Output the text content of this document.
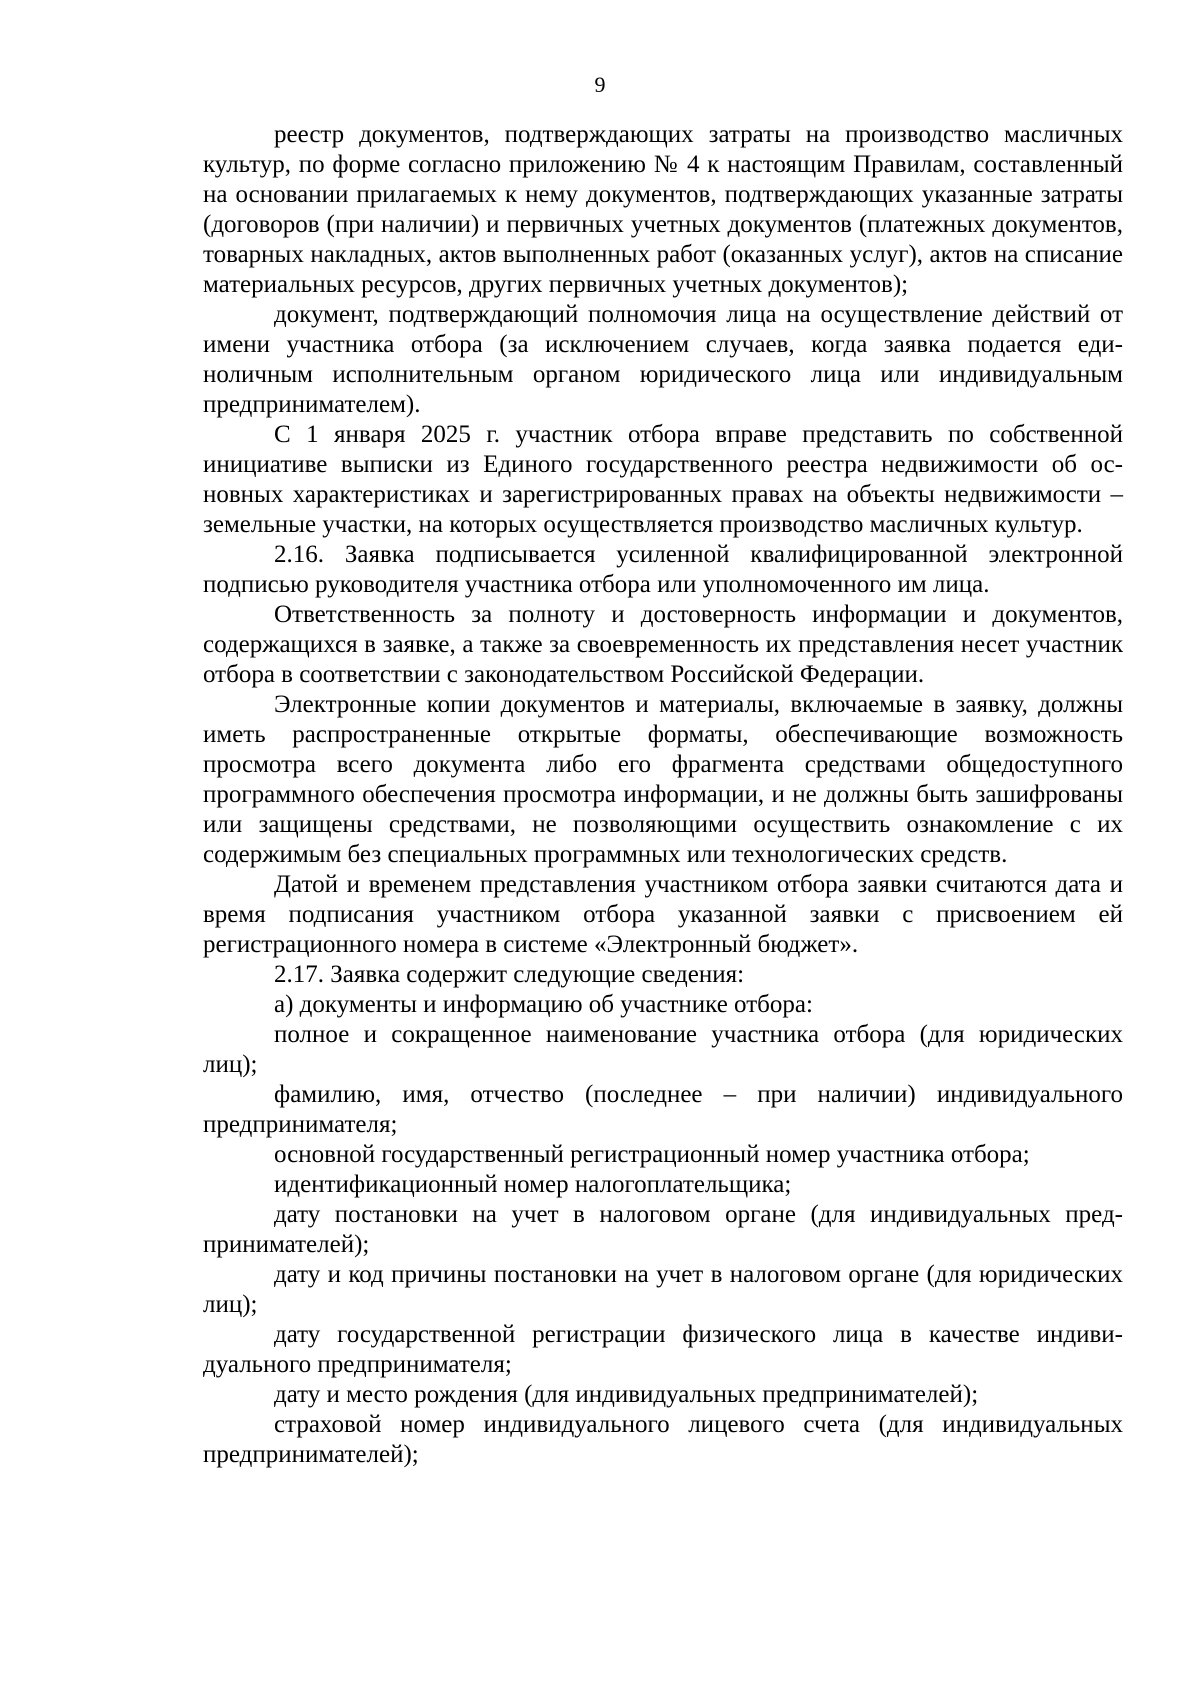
9

реестр документов, подтверждающих затраты на производство масличных культур, по форме согласно приложению № 4 к настоящим Правилам, составленный на основании прилагаемых к нему документов, подтверждающих указанные затраты (договоров (при наличии) и первичных учетных документов (платежных документов, товарных накладных, актов выполненных работ (оказанных услуг), актов на списание материальных ресурсов, других первичных учетных документов);

документ, подтверждающий полномочия лица на осуществление действий от имени участника отбора (за исключением случаев, когда заявка подается единоличным исполнительным органом юридического лица или индивидуальным предпринимателем).

С 1 января 2025 г. участник отбора вправе представить по собственной инициативе выписки из Единого государственного реестра недвижимости об основных характеристиках и зарегистрированных правах на объекты недвижимости – земельные участки, на которых осуществляется производство масличных культур.

2.16. Заявка подписывается усиленной квалифицированной электронной подписью руководителя участника отбора или уполномоченного им лица.

Ответственность за полноту и достоверность информации и документов, содержащихся в заявке, а также за своевременность их представления несет участник отбора в соответствии с законодательством Российской Федерации.

Электронные копии документов и материалы, включаемые в заявку, должны иметь распространенные открытые форматы, обеспечивающие возможность просмотра всего документа либо его фрагмента средствами общедоступного программного обеспечения просмотра информации, и не должны быть зашифрованы или защищены средствами, не позволяющими осуществить ознакомление с их содержимым без специальных программных или технологических средств.

Датой и временем представления участником отбора заявки считаются дата и время подписания участником отбора указанной заявки с присвоением ей регистрационного номера в системе «Электронный бюджет».

2.17. Заявка содержит следующие сведения:

а) документы и информацию об участнике отбора:

полное и сокращенное наименование участника отбора (для юридических лиц);

фамилию, имя, отчество (последнее – при наличии) индивидуального предпринимателя;

основной государственный регистрационный номер участника отбора;

идентификационный номер налогоплательщика;

дату постановки на учет в налоговом органе (для индивидуальных предпринимателей);

дату и код причины постановки на учет в налоговом органе (для юридических лиц);

дату государственной регистрации физического лица в качестве индивидуального предпринимателя;

дату и место рождения (для индивидуальных предпринимателей);

страховой номер индивидуального лицевого счета (для индивидуальных предпринимателей);
